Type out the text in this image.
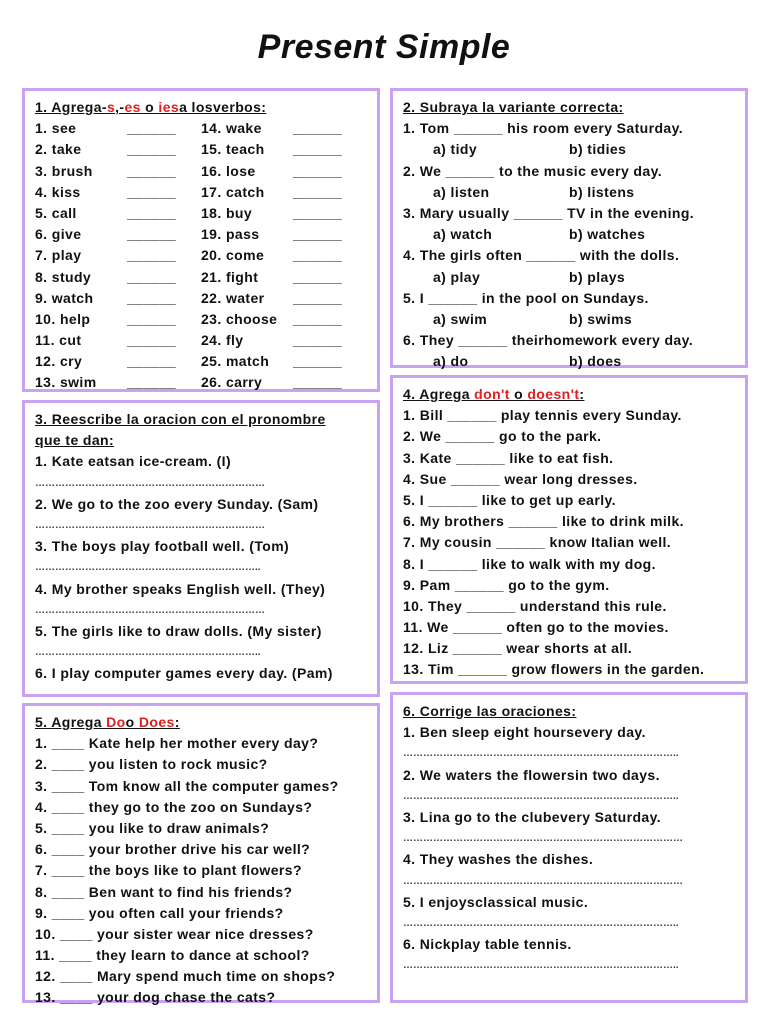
Present Simple
1. Agrega-s,-es o iesa losverbos:
1. see	______
2. take	______
3. brush ______
4. kiss	______
5. call	______
6. give	______
7. play	______
8. study	______
9. watch ______
10. help	______
11. cut	______
12. cry	______
13. swim ______
14. wake ______
15. teach ______
16. lose	______
17. catch ______
18. buy	______
19. pass ______
20. come ______
21. fight ______
22. water ______
23. choose ______
24. fly	______
25. match ______
26. carry ______
2. Subraya la variante correcta:
1. Tom ______ his room every Saturday.
a) tidy	b) tidies
2. We ______ to the music every day.
a) listen	b) listens
3. Mary usually ______ TV in the evening.
a) watch	b) watches
4. The girls often ______ with the dolls.
a) play	b) plays
5. I ______ in the pool on Sundays.
a) swim	b) swims
6. They ______ theirhomework every day.
a) do	b) does
3. Reescribe la oracion con el pronombre
que te dan:
1. Kate eatsan ice-cream. (I)
……………………………………………………………
2. We go to the zoo every Sunday. (Sam)
……………………………………………………………
3. The boys play football well. (Tom)
…………………………………………………………..
4. My brother speaks English well. (They)
……………………………………………………………
5. The girls like to draw dolls. (My sister)
…………………………………………………………..
6. I play computer games every day. (Pam)
4. Agrega don't o doesn't:
1. Bill ______ play tennis every Sunday.
2. We ______ go to the park.
3. Kate ______ like to eat fish.
4. Sue ______ wear long dresses.
5. I ______ like to get up early.
6. My brothers ______ like to drink milk.
7. My cousin ______ know Italian well.
8. I ______ like to walk with my dog.
9. Pam ______ go to the gym.
10. They ______ understand this rule.
11. We ______ often go to the movies.
12. Liz ______ wear shorts at all.
13. Tim ______ grow flowers in the garden.
5. Agrega Doo Does:
1. ____ Kate help her mother every day?
2. ____ you listen to rock music?
3. ____ Tom know all the computer games?
4. ____ they go to the zoo on Sundays?
5. ____ you like to draw animals?
6. ____ your brother drive his car well?
7. ____ the boys like to plant flowers?
8. ____ Ben want to find his friends?
9. ____ you often call your friends?
10. ____ your sister wear nice dresses?
11. ____ they learn to dance at school?
12. ____ Mary spend much time on shops?
13. ____ your dog chase the cats?
6. Corrige las oraciones:
1. Ben sleep eight hoursevery day.
………………………………………………………………………..
2. We waters the flowersin two days.
………………………………………………………………………..
3. Lina go to the clubevery Saturday.
…………………………………………………………………………
4. They washes the dishes.
…………………………………………………………………………
5. I enjoysclassical music.
………………………………………………………………………..
6. Nickplay table tennis.
………………………………………………………………………..
